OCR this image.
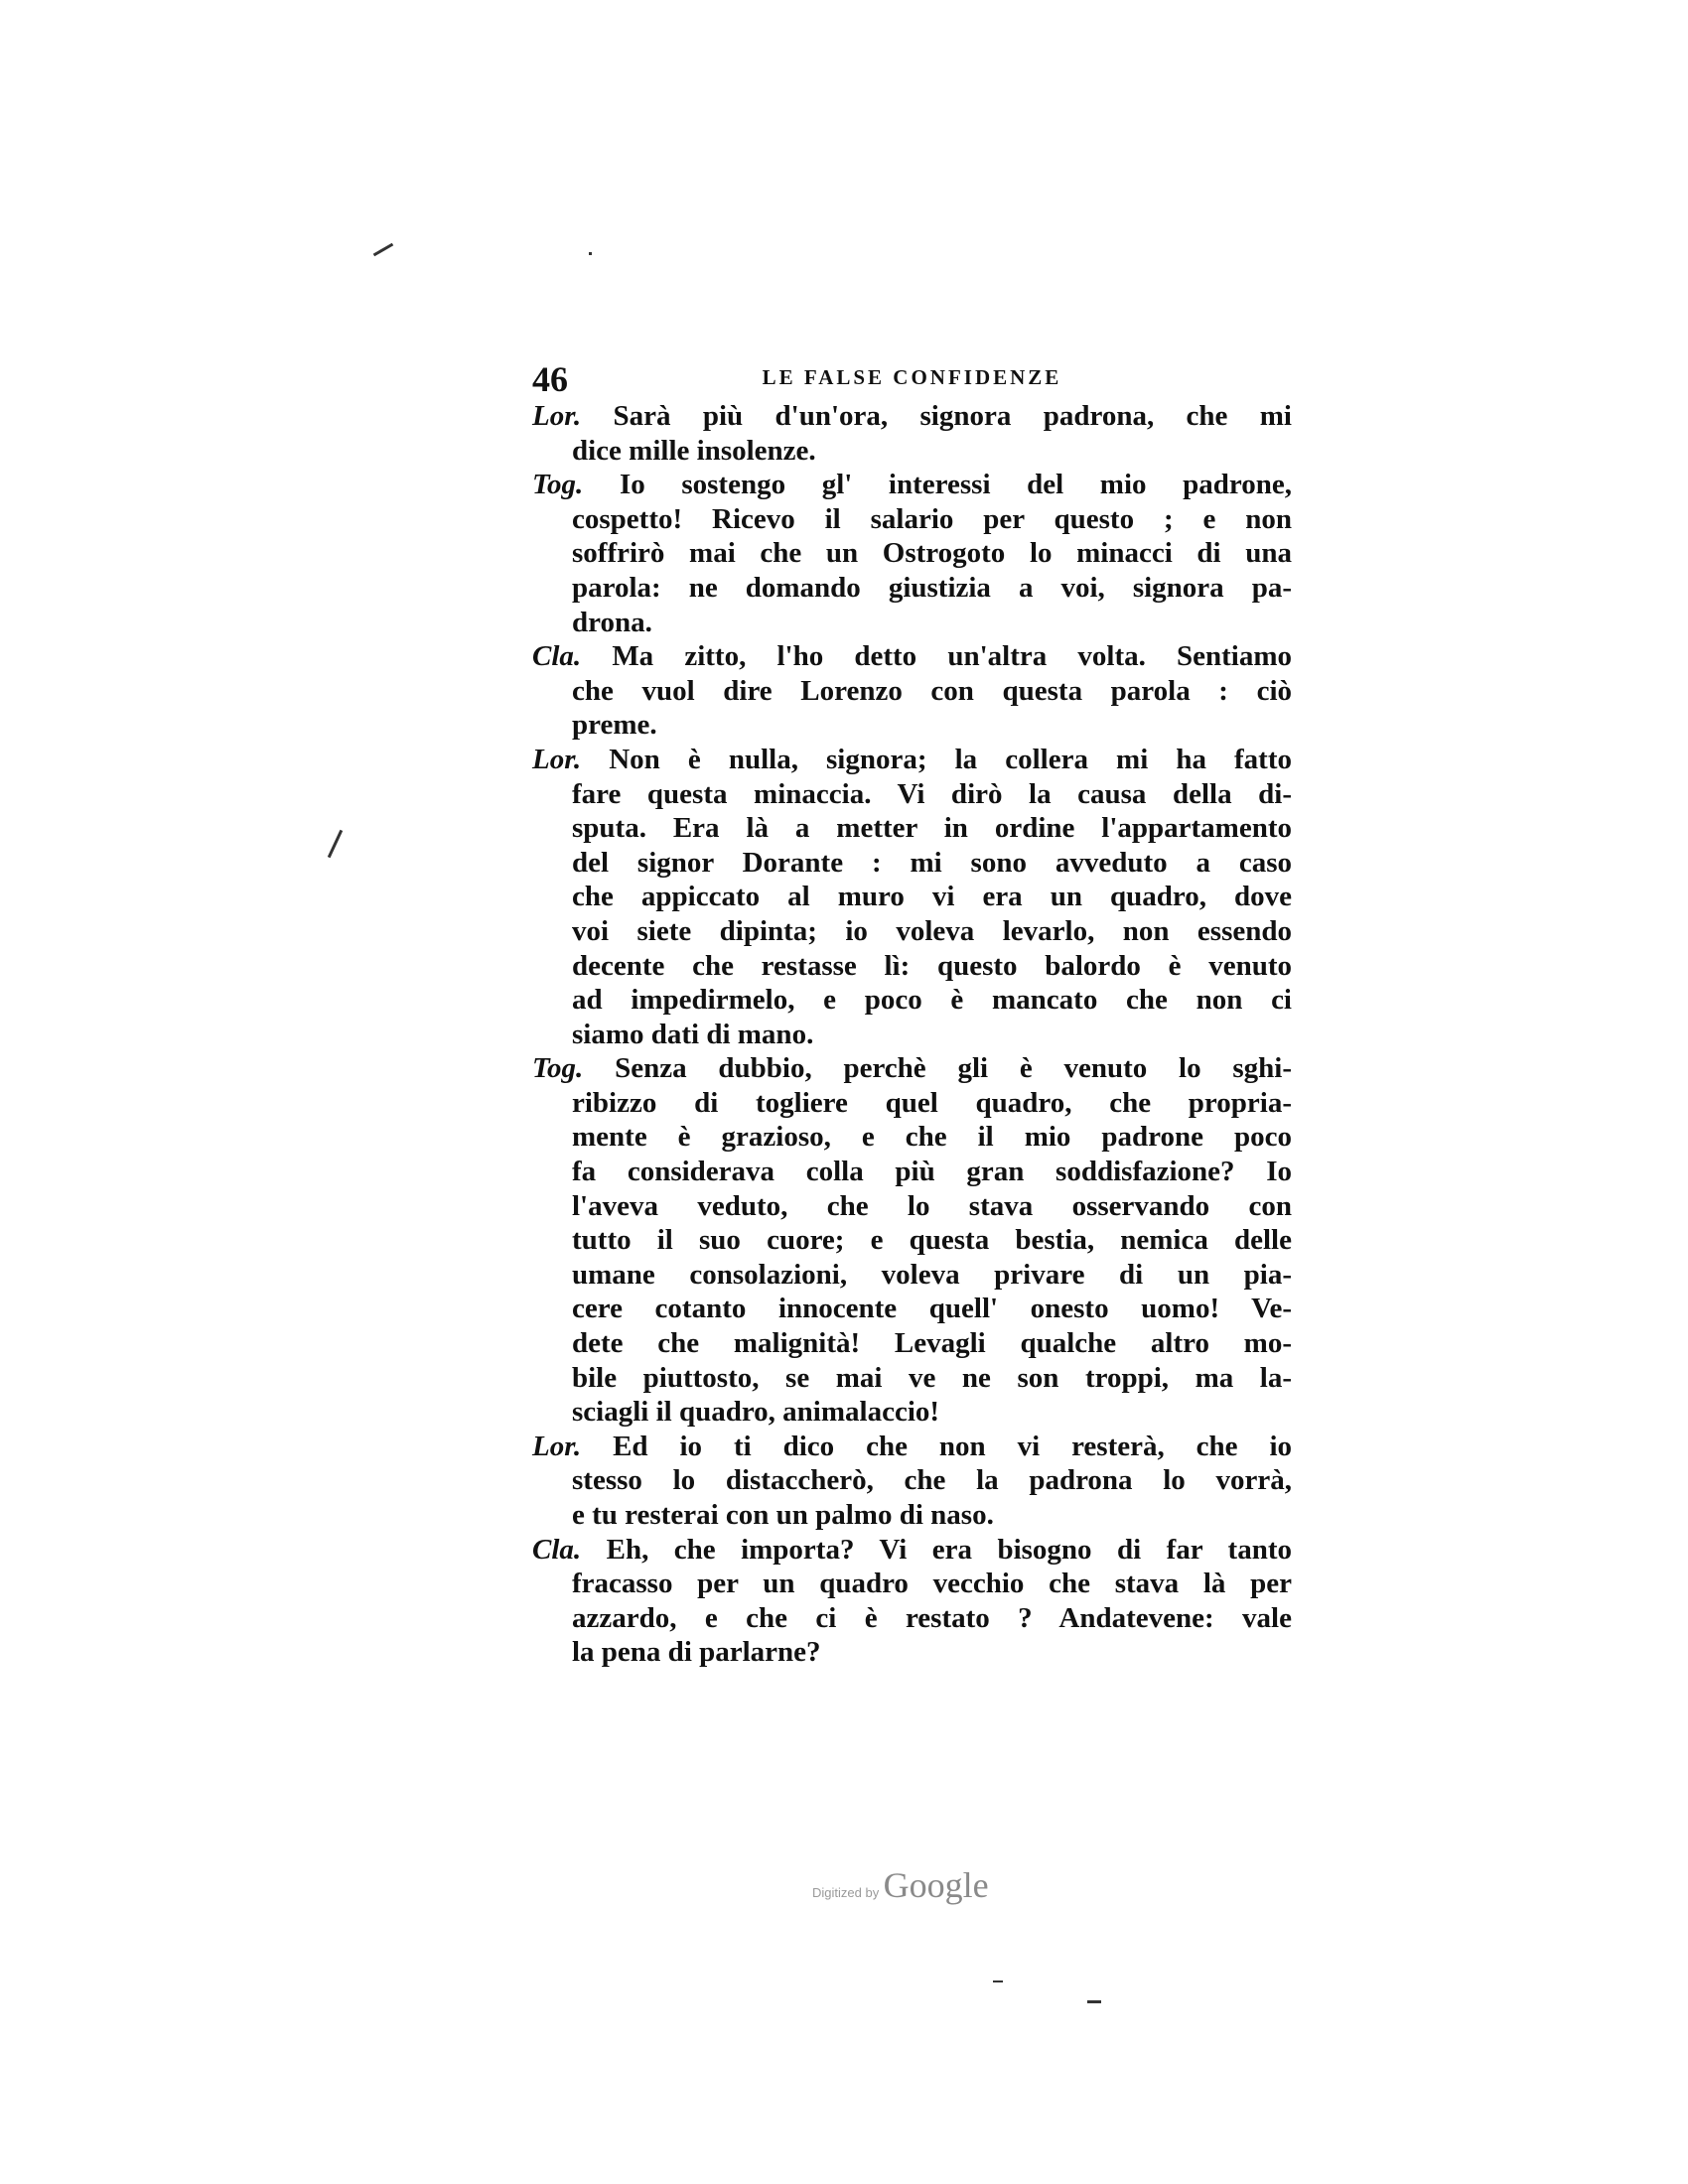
46	LE FALSE CONFIDENZE
Lor. Sarà più d'un'ora, signora padrona, che mi
dice mille insolenze.
Tog. Io sostengo gl' interessi del mio padrone,
cospetto! Ricevo il salario per questo ; e non
soffrirò mai che un Ostrogoto lo minacci di una
parola: ne domando giustizia a voi, signora pa-
drona.
Cla. Ma zitto, l'ho detto un'altra volta. Sentiamo
che vuol dire Lorenzo con questa parola : ciò
preme.
Lor. Non è nulla, signora; la collera mi ha fatto
fare questa minaccia. Vi dirò la causa della di-
sputa. Era là a metter in ordine l'appartamento
del signor Dorante : mi sono avveduto a caso
che appiccato al muro vi era un quadro, dove
voi siete dipinta; io voleva levarlo, non essendo
decente che restasse lì: questo balordo è venuto
ad impedirmelo, e poco è mancato che non ci
siamo dati di mano.
Tog. Senza dubbio, perchè gli è venuto lo sghi-
ribizzo di togliere quel quadro, che propria-
mente è grazioso, e che il mio padrone poco
fa considerava colla più gran soddisfazione? Io
l'aveva veduto, che lo stava osservando con
tutto il suo cuore; e questa bestia, nemica delle
umane consolazioni, voleva privare di un pia-
cere cotanto innocente quell' onesto uomo! Ve-
dete che malignità! Levagli qualche altro mo-
bile piuttosto, se mai ve ne son troppi, ma la-
sciagli il quadro, animalaccio!
Lor. Ed io ti dico che non vi resterà, che io
stesso lo distaccherò, che la padrona lo vorrà,
e tu resterai con un palmo di naso.
Cla. Eh, che importa? Vi era bisogno di far tanto
fracasso per un quadro vecchio che stava là per
azzardo, e che ci è restato ? Andatevene: vale
la pena di parlarne?
Digitized by Google
